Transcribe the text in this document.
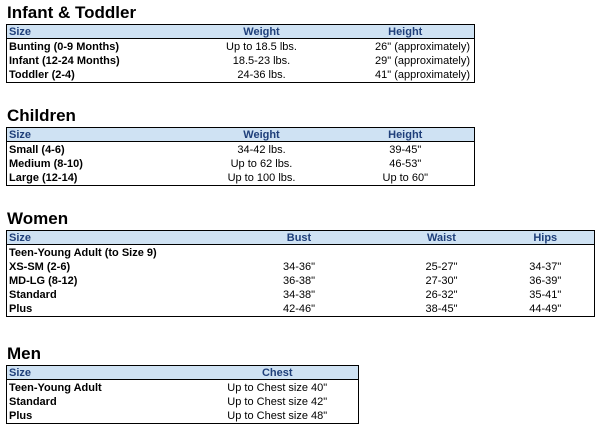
Infant & Toddler
Size	Weight	Height
Bunting (0-9 Months)	Up to 18.5 lbs.	26" (approximately)
Infant (12-24 Months)	18.5-23 lbs.	29" (approximately)
Toddler (2-4)	24-36 lbs.	41" (approximately)
Children
Size	Weight	Height
Small (4-6)	34-42 lbs.	39-45"
Medium (8-10)	Up to 62 lbs.	46-53"
Large (12-14)	Up to 100 lbs.	Up to 60"
Women
Size	Bust	Waist	Hips
Teen-Young Adult (to Size 9)			
XS-SM (2-6)	34-36"	25-27"	34-37"
MD-LG (8-12)	36-38"	27-30"	36-39"
Standard	34-38"	26-32"	35-41"
Plus	42-46"	38-45"	44-49"
Men
Size	Chest
Teen-Young Adult	Up to Chest size 40"
Standard	Up to Chest size 42"
Plus	Up to Chest size 48"
